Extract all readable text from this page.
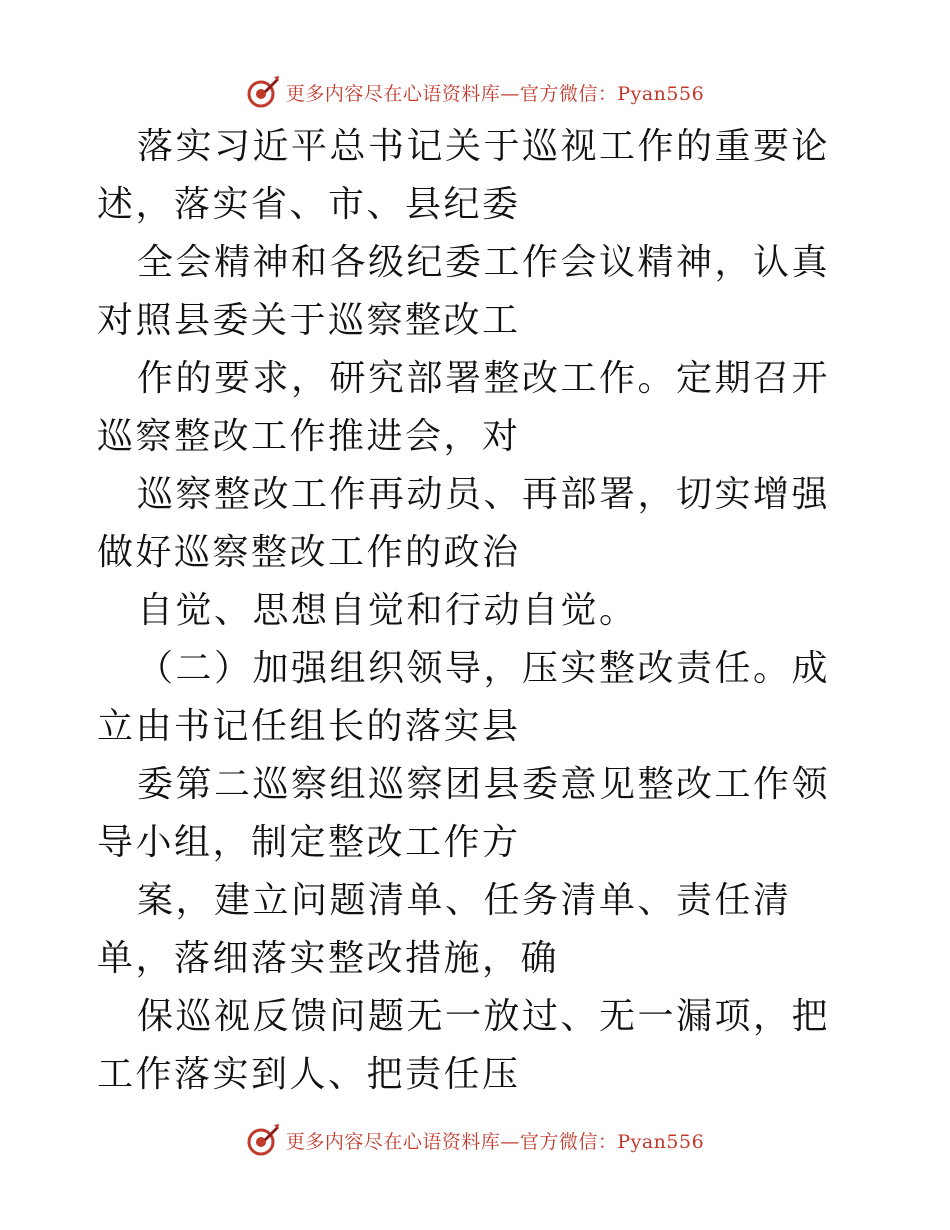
更多内容尽在心语资料库—官方微信：Pyan556

落实习近平总书记关于巡视工作的重要论述，落实省、市、县纪委

全会精神和各级纪委工作会议精神，认真对照县委关于巡察整改工

作的要求，研究部署整改工作。定期召开巡察整改工作推进会，对

巡察整改工作再动员、再部署，切实增强做好巡察整改工作的政治

自觉、思想自觉和行动自觉。

（二）加强组织领导，压实整改责任。成立由书记任组长的落实县

委第二巡察组巡察团县委意见整改工作领导小组，制定整改工作方

案，建立问题清单、任务清单、责任清单，落细落实整改措施，确

保巡视反馈问题无一放过、无一漏项，把工作落实到人、把责任压

更多内容尽在心语资料库—官方微信：Pyan556
